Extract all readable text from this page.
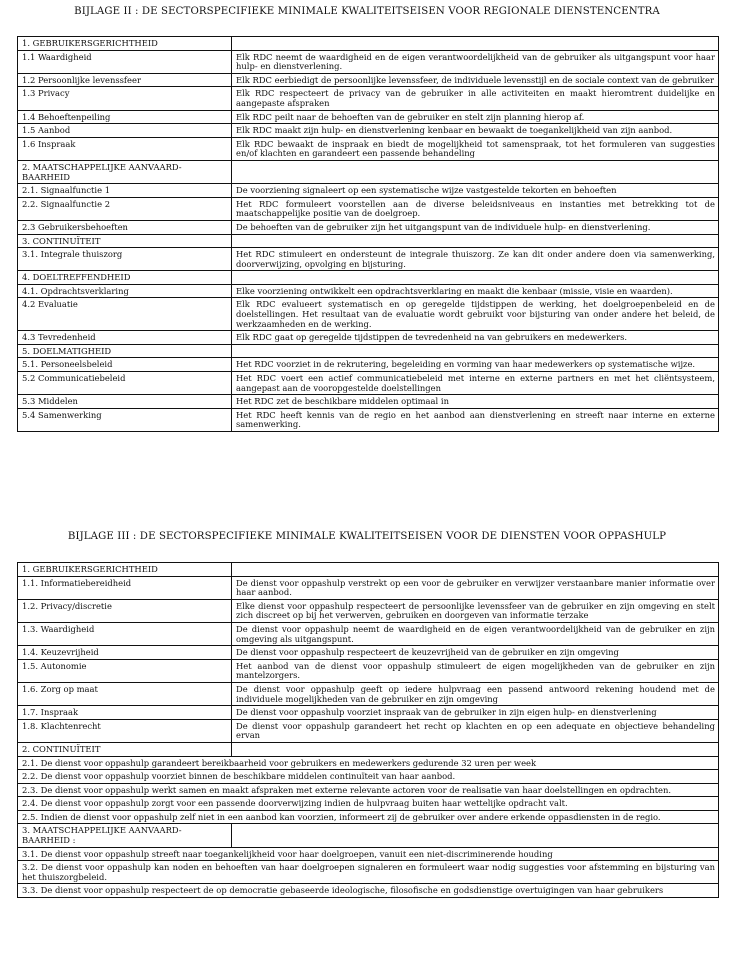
BIJLAGE II : DE SECTORSPECIFIEKE MINIMALE KWALITEITSEISEN VOOR REGIONALE DIENSTENCENTRA
1. GEBRUIKERSGERICHTHEID	
1.1 Waardigheid	Elk RDC neemt de waardigheid en de eigen verantwoordelijkheid van de gebruiker als uitgangspunt voor haar hulp- en dienstverlening.
1.2 Persoonlijke levenssfeer	Elk RDC eerbiedigt de persoonlijke levenssfeer, de individuele levensstijl en de sociale context van de gebruiker
1.3 Privacy	Elk RDC respecteert de privacy van de gebruiker in alle activiteiten en maakt hieromtrent duidelijke en aangepaste afspraken
1.4 Behoeftenpeiling	Elk RDC peilt naar de behoeften van de gebruiker en stelt zijn planning hierop af.
1.5 Aanbod	Elk RDC maakt zijn hulp- en dienstverlening kenbaar en bewaakt de toegankelijkheid van zijn aanbod.
1.6 Inspraak	Elk RDC bewaakt de inspraak en biedt de mogelijkheid tot samenspraak, tot het formuleren van suggesties en/of klachten en garandeert een passende behandeling
2. MAATSCHAPPELIJKE AANVAARD-BAARHEID	
2.1. Signaalfunctie 1	De voorziening signaleert op een systematische wijze vastgestelde tekorten en behoeften
2.2. Signaalfunctie 2	Het RDC formuleert voorstellen aan de diverse beleidsniveaus en instanties met betrekking tot de maatschappelijke positie van de doelgroep.
2.3 Gebruikersbehoeften	De behoeften van de gebruiker zijn het uitgangspunt van de individuele hulp- en dienstverlening.
3. CONTINUÏTEIT	
3.1. Integrale thuiszorg	Het RDC stimuleert en ondersteunt de integrale thuiszorg. Ze kan dit onder andere doen via samenwerking, doorverwijzing, opvolging en bijsturing.
4. DOELTREFFENDHEID	
4.1. Opdrachtsverklaring	Elke voorziening ontwikkelt een opdrachtsverklaring en maakt die kenbaar (missie, visie en waarden).
4.2 Evaluatie	Elk RDC evalueert systematisch en op geregelde tijdstippen de werking, het doelgroepenbeleid en de doelstellingen. Het resultaat van de evaluatie wordt gebruikt voor bijsturing van onder andere het beleid, de werkzaamheden en de werking.
4.3 Tevredenheid	Elk RDC gaat op geregelde tijdstippen de tevredenheid na van gebruikers en medewerkers.
5. DOELMATIGHEID	
5.1. Personeelsbeleid	Het RDC voorziet in de rekrutering, begeleiding en vorming van haar medewerkers op systematische wijze.
5.2 Communicatiebeleid	Het RDC voert een actief communicatiebeleid met interne en externe partners en met het cliëntsysteem, aangepast aan de vooropgestelde doelstellingen
5.3 Middelen	Het RDC zet de beschikbare middelen optimaal in
5.4 Samenwerking	Het RDC heeft kennis van de regio en het aanbod aan dienstverlening en streeft naar interne en externe samenwerking.
BIJLAGE III : DE SECTORSPECIFIEKE MINIMALE KWALITEITSEISEN VOOR DE DIENSTEN VOOR OPPASHULP
1. GEBRUIKERSGERICHTHEID	
1.1. Informatiebereidheid	De dienst voor oppashulp verstrekt op een voor de gebruiker en verwijzer verstaanbare manier informatie over haar aanbod.
1.2. Privacy/discretie	Elke dienst voor oppashulp respecteert de persoonlijke levenssfeer van de gebruiker en zijn omgeving en stelt zich discreet op bij het verwerven, gebruiken en doorgeven van informatie terzake
1.3. Waardigheid	De dienst voor oppashulp neemt de waardigheid en de eigen verantwoordelijkheid van de gebruiker en zijn omgeving als uitgangspunt.
1.4. Keuzevrijheid	De dienst voor oppashulp respecteert de keuzevrijheid van de gebruiker en zijn omgeving
1.5. Autonomie	Het aanbod van de dienst voor oppashulp stimuleert de eigen mogelijkheden van de gebruiker en zijn mantelzorgers.
1.6. Zorg op maat	De dienst voor oppashulp geeft op iedere hulpvraag een passend antwoord rekening houdend met de individuele mogelijkheden van de gebruiker en zijn omgeving
1.7. Inspraak	De dienst voor oppashulp voorziet inspraak van de gebruiker in zijn eigen hulp- en dienstverlening
1.8. Klachtenrecht	De dienst voor oppashulp garandeert het recht op klachten en op een adequate en objectieve behandeling ervan
2. CONTINUÏTEIT	
2.1. De dienst voor oppashulp garandeert bereikbaarheid voor gebruikers en medewerkers gedurende 32 uren per week	
2.2. De dienst voor oppashulp voorziet binnen de beschikbare middelen continuïteit van haar aanbod.	
2.3. De dienst voor oppashulp werkt samen en maakt afspraken met externe relevante actoren voor de realisatie van haar doelstellingen en opdrachten.	
2.4. De dienst voor oppashulp zorgt voor een passende doorverwijzing indien de hulpvraag buiten haar wettelijke opdracht valt.	
2.5. Indien de dienst voor oppashulp zelf niet in een aanbod kan voorzien, informeert zij de gebruiker over andere erkende oppasdiensten in de regio.	
3. MAATSCHAPPELIJKE AANVAARD-BAARHEID :	
3.1. De dienst voor oppashulp streeft naar toegankelijkheid voor haar doelgroepen, vanuit een niet-discriminerende houding	
3.2. De dienst voor oppashulp kan noden en behoeften van haar doelgroepen signaleren en formuleert waar nodig suggesties voor afstemming en bijsturing van het thuiszorgbeleid.	
3.3. De dienst voor oppashulp respecteert de op democratie gebaseerde ideologische, filosofische en godsdienstige overtuigingen van haar gebruikers	
